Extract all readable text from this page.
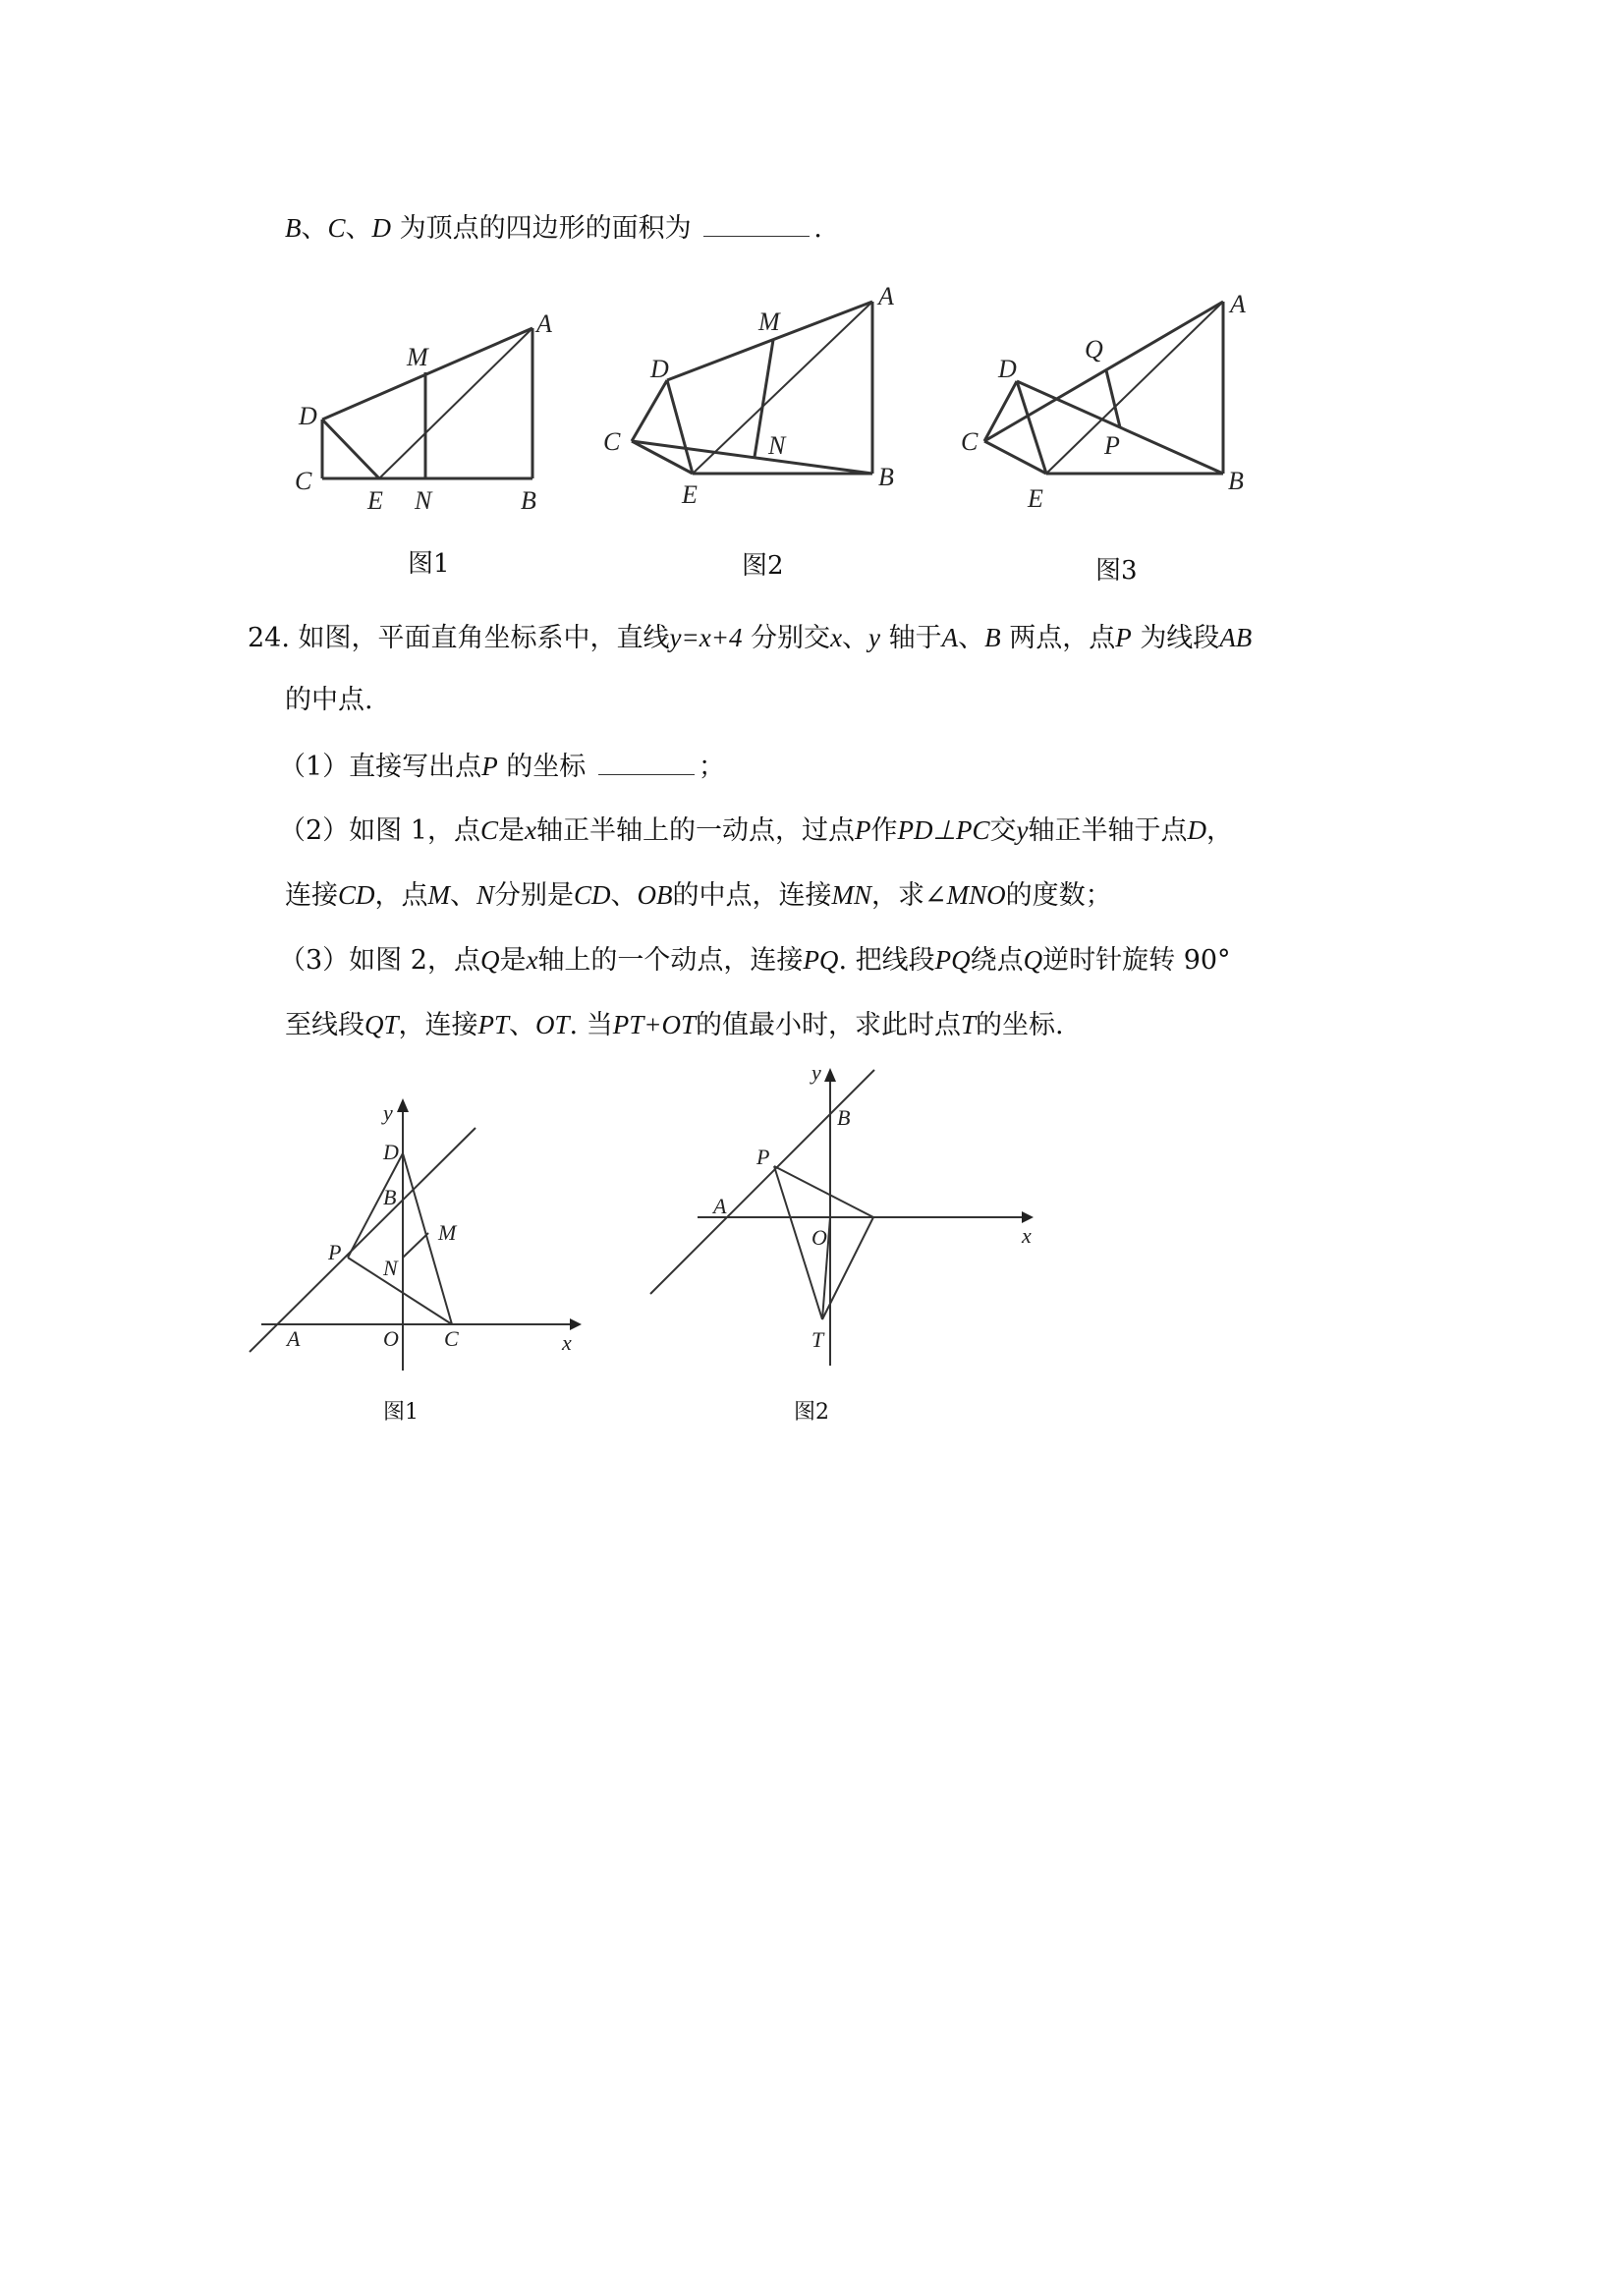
B、C、D 为顶点的四边形的面积为	.
A
M
D
C
E N	B
图1
A
M
D
C	N
E
B
图2
A
Q
D
C	P
E
B
图3
24. 如图，平面直角坐标系中，直线y=x+4 分别交x、y 轴于A、B 两点，点P 为线段AB
的中点.
（1）直接写出点P 的坐标	；
（2）如图 1，点C是x轴正半轴上的一动点，过点P作PD⊥PC交y轴正半轴于点D，
连接CD，点M、N分别是CD、OB的中点，连接MN，求∠MNO的度数；
（3）如图 2，点Q是x轴上的一个动点，连接PQ. 把线段PQ绕点Q逆时针旋转 90°
至线段QT，连接PT、OT. 当PT+OT的值最小时，求此时点T的坐标.
y
D
B
M
P
N
A	O C	x
图1
y
B
P
A
O	x
T
图2
